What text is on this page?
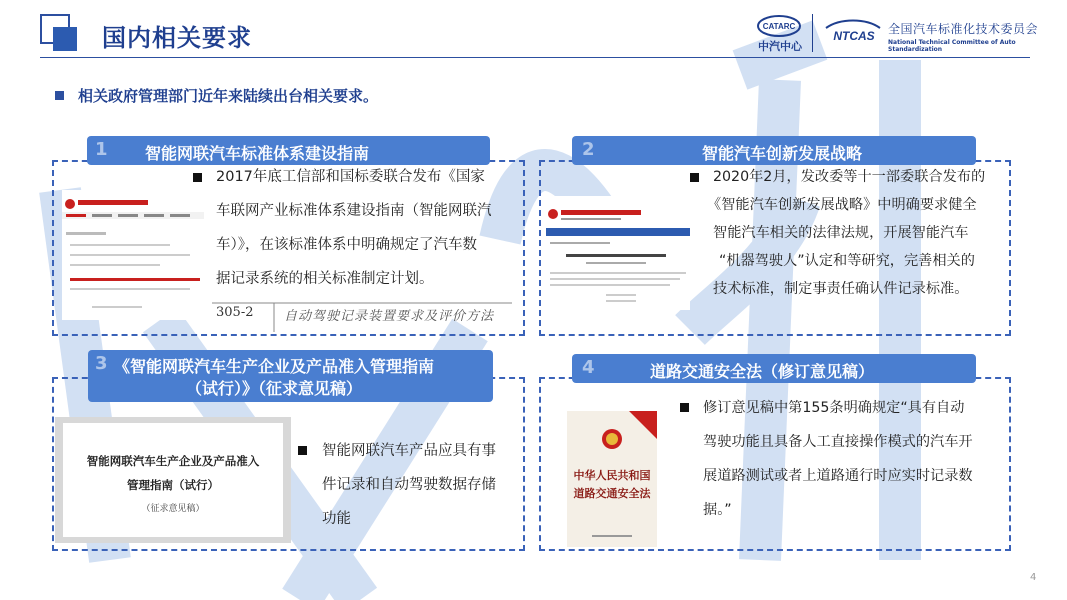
国内相关要求	CATARC
中汽中心
NTCAS 全国汽车标准化技术委员会
National Technical Committee of Auto Standardization
相关政府管理部门近年来陆续出台相关要求。
1 智能网联汽车标准体系建设指南
2017年底工信部和国标委联合发布《国家
车联网产业标准体系建设指南（智能网联汽
车）》，在该标准体系中明确规定了汽车数
据记录系统的相关标准制定计划。
305-2 自动驾驶记录装置要求及评价方法
2	智能汽车创新发展战略
2020年2月，发改委等十一部委联合发布的
《智能汽车创新发展战略》中明确要求健全
智能汽车相关的法律法规，开展智能汽车
“机器驾驶人”认定和等研究，完善相关的
技术标准，制定事责任确认件记录标准。
3 《智能网联汽车生产企业及产品准入管理指南
（试行）》（征求意见稿）
智能网联汽车生产企业及产品准入
管理指南（试行）
（征求意见稿）
智能网联汽车产品应具有事
件记录和自动驾驶数据存储
功能
4	道路交通安全法（修订意见稿）
中华人民共和国
道路交通安全法
修订意见稿中第155条明确规定“具有自动
驾驶功能且具备人工直接操作模式的汽车开
展道路测试或者上道路通行时应实时记录数
据。”
4
